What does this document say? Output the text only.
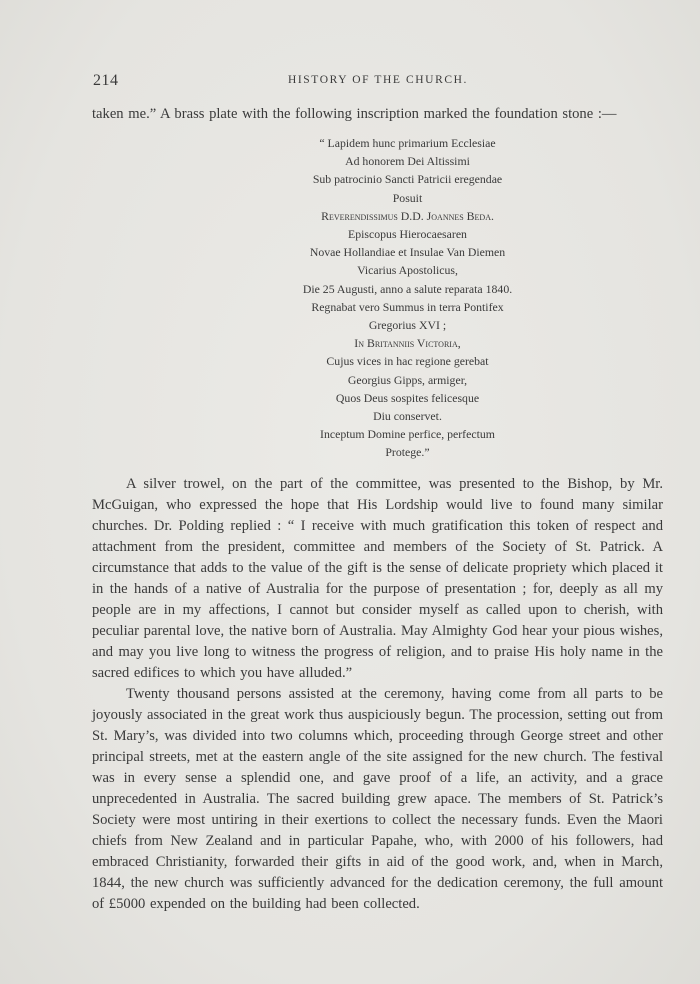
214	HISTORY OF THE CHURCH.

taken me.” A brass plate with the following inscription marked the foundation stone :—

“ Lapidem hunc primarium Ecclesiae
Ad honorem Dei Altissimi
Sub patrocinio Sancti Patricii eregendae
Posuit
Reverendissimus D.D. Joannes Beda.
Episcopus Hierocaesaren
Novae Hollandiae et Insulae Van Diemen
Vicarius Apostolicus,
Die 25 Augusti, anno a salute reparata 1840.
Regnabat vero Summus in terra Pontifex
Gregorius XVI ;
In Britanniis Victoria,
Cujus vices in hac regione gerebat
Georgius Gipps, armiger,
Quos Deus sospites felicesque
Diu conservet.
Inceptum Domine perfice, perfectum
Protege.”

A silver trowel, on the part of the committee, was presented to the Bishop, by Mr. McGuigan, who expressed the hope that His Lordship would live to found many similar churches. Dr. Polding replied : “ I receive with much gratification this token of respect and attachment from the president, committee and members of the Society of St. Patrick. A circumstance that adds to the value of the gift is the sense of delicate propriety which placed it in the hands of a native of Australia for the purpose of presentation ; for, deeply as all my people are in my affections, I cannot but consider myself as called upon to cherish, with peculiar parental love, the native born of Australia. May Almighty God hear your pious wishes, and may you live long to witness the progress of religion, and to praise His holy name in the sacred edifices to which you have alluded.”

Twenty thousand persons assisted at the ceremony, having come from all parts to be joyously associated in the great work thus auspiciously begun. The procession, setting out from St. Mary’s, was divided into two columns which, proceeding through George street and other principal streets, met at the eastern angle of the site assigned for the new church. The festival was in every sense a splendid one, and gave proof of a life, an activity, and a grace unprecedented in Australia. The sacred building grew apace. The members of St. Patrick’s Society were most untiring in their exertions to collect the necessary funds. Even the Maori chiefs from New Zealand and in particular Papahe, who, with 2000 of his followers, had embraced Christianity, forwarded their gifts in aid of the good work, and, when in March, 1844, the new church was sufficiently advanced for the dedication ceremony, the full amount of £5000 expended on the building had been collected.
